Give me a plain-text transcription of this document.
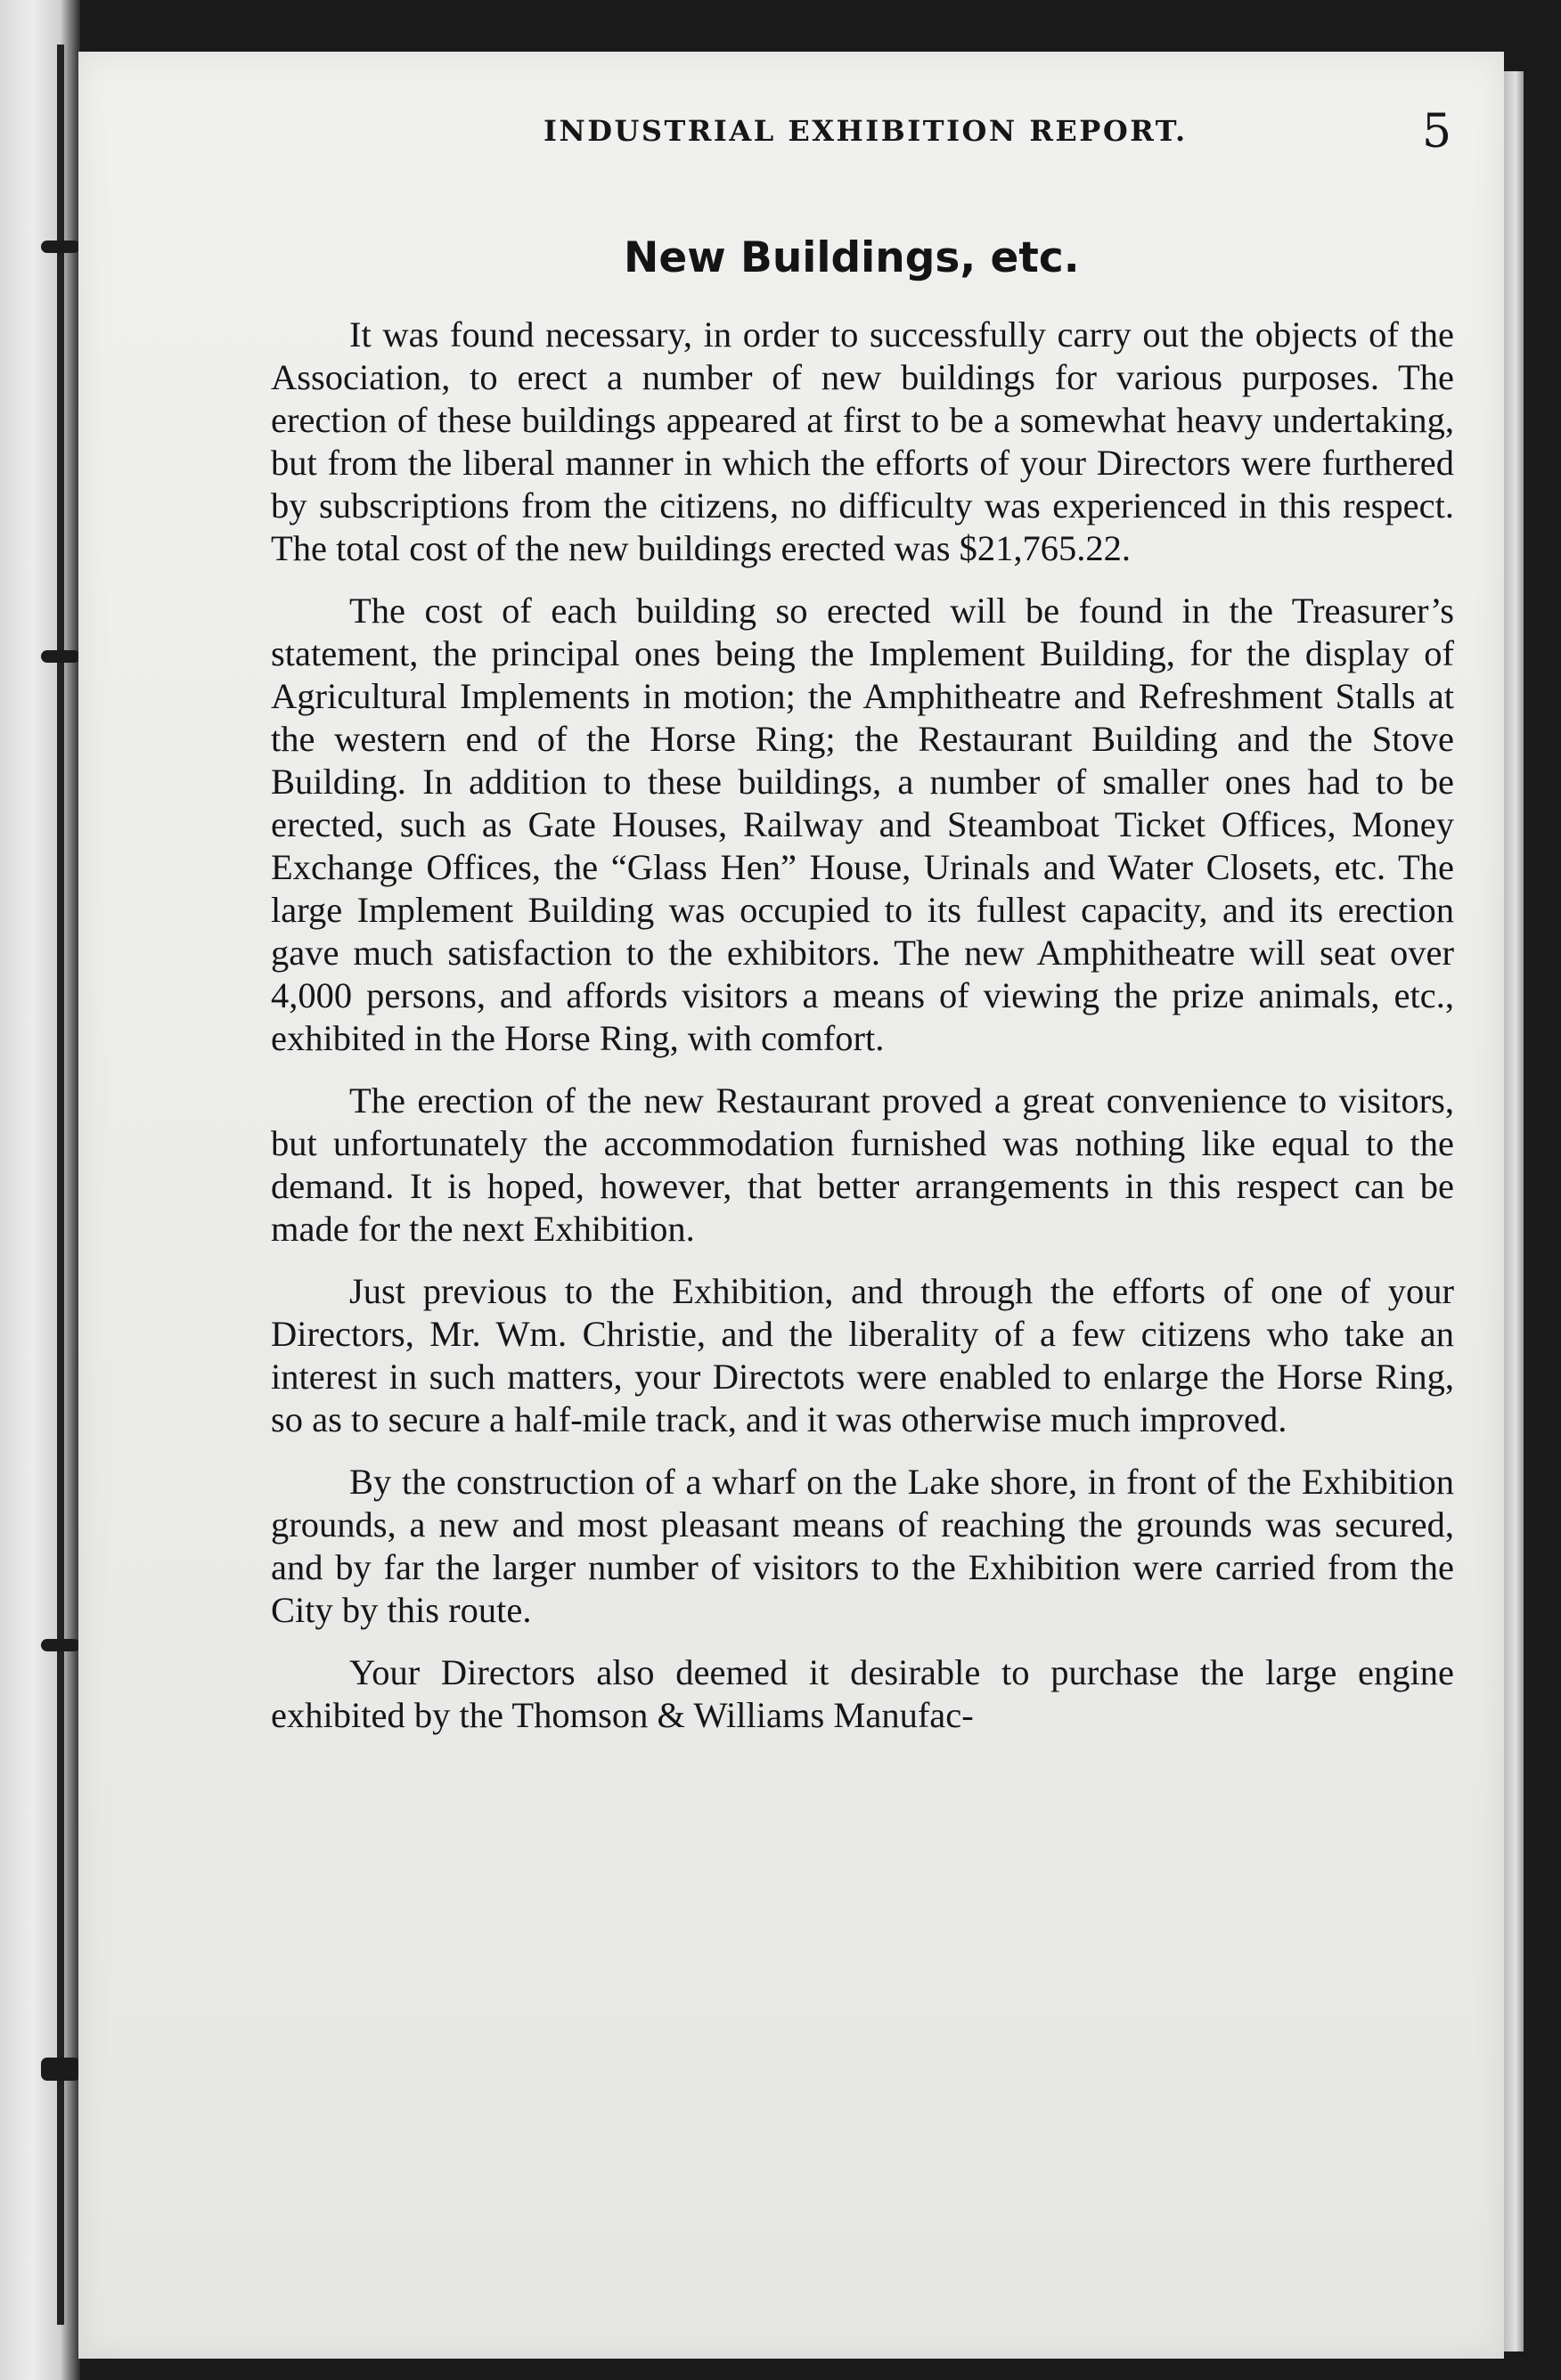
INDUSTRIAL EXHIBITION REPORT.	5
New Buildings, etc.

It was found necessary, in order to successfully carry out the objects of the Association, to erect a number of new buildings for various purposes. The erection of these buildings appeared at first to be a somewhat heavy undertaking, but from the liberal manner in which the efforts of your Directors were furthered by subscriptions from the citizens, no difficulty was experienced in this respect. The total cost of the new buildings erected was $21,765.22.

The cost of each building so erected will be found in the Treasurer’s statement, the principal ones being the Implement Building, for the display of Agricultural Implements in motion; the Amphitheatre and Refreshment Stalls at the western end of the Horse Ring; the Restaurant Building and the Stove Building. In addition to these buildings, a number of smaller ones had to be erected, such as Gate Houses, Railway and Steamboat Ticket Offices, Money Exchange Offices, the “Glass Hen” House, Urinals and Water Closets, etc. The large Implement Building was occupied to its fullest capacity, and its erection gave much satisfaction to the exhibitors. The new Amphitheatre will seat over 4,000 persons, and affords visitors a means of viewing the prize animals, etc., exhibited in the Horse Ring, with comfort.

The erection of the new Restaurant proved a great convenience to visitors, but unfortunately the accommodation furnished was nothing like equal to the demand. It is hoped, however, that better arrangements in this respect can be made for the next Exhibition.

Just previous to the Exhibition, and through the efforts of one of your Directors, Mr. Wm. Christie, and the liberality of a few citizens who take an interest in such matters, your Directots were enabled to enlarge the Horse Ring, so as to secure a half-mile track, and it was otherwise much improved.

By the construction of a wharf on the Lake shore, in front of the Exhibition grounds, a new and most pleasant means of reaching the grounds was secured, and by far the larger number of visitors to the Exhibition were carried from the City by this route.

Your Directors also deemed it desirable to purchase the large engine exhibited by the Thomson & Williams Manufac-
